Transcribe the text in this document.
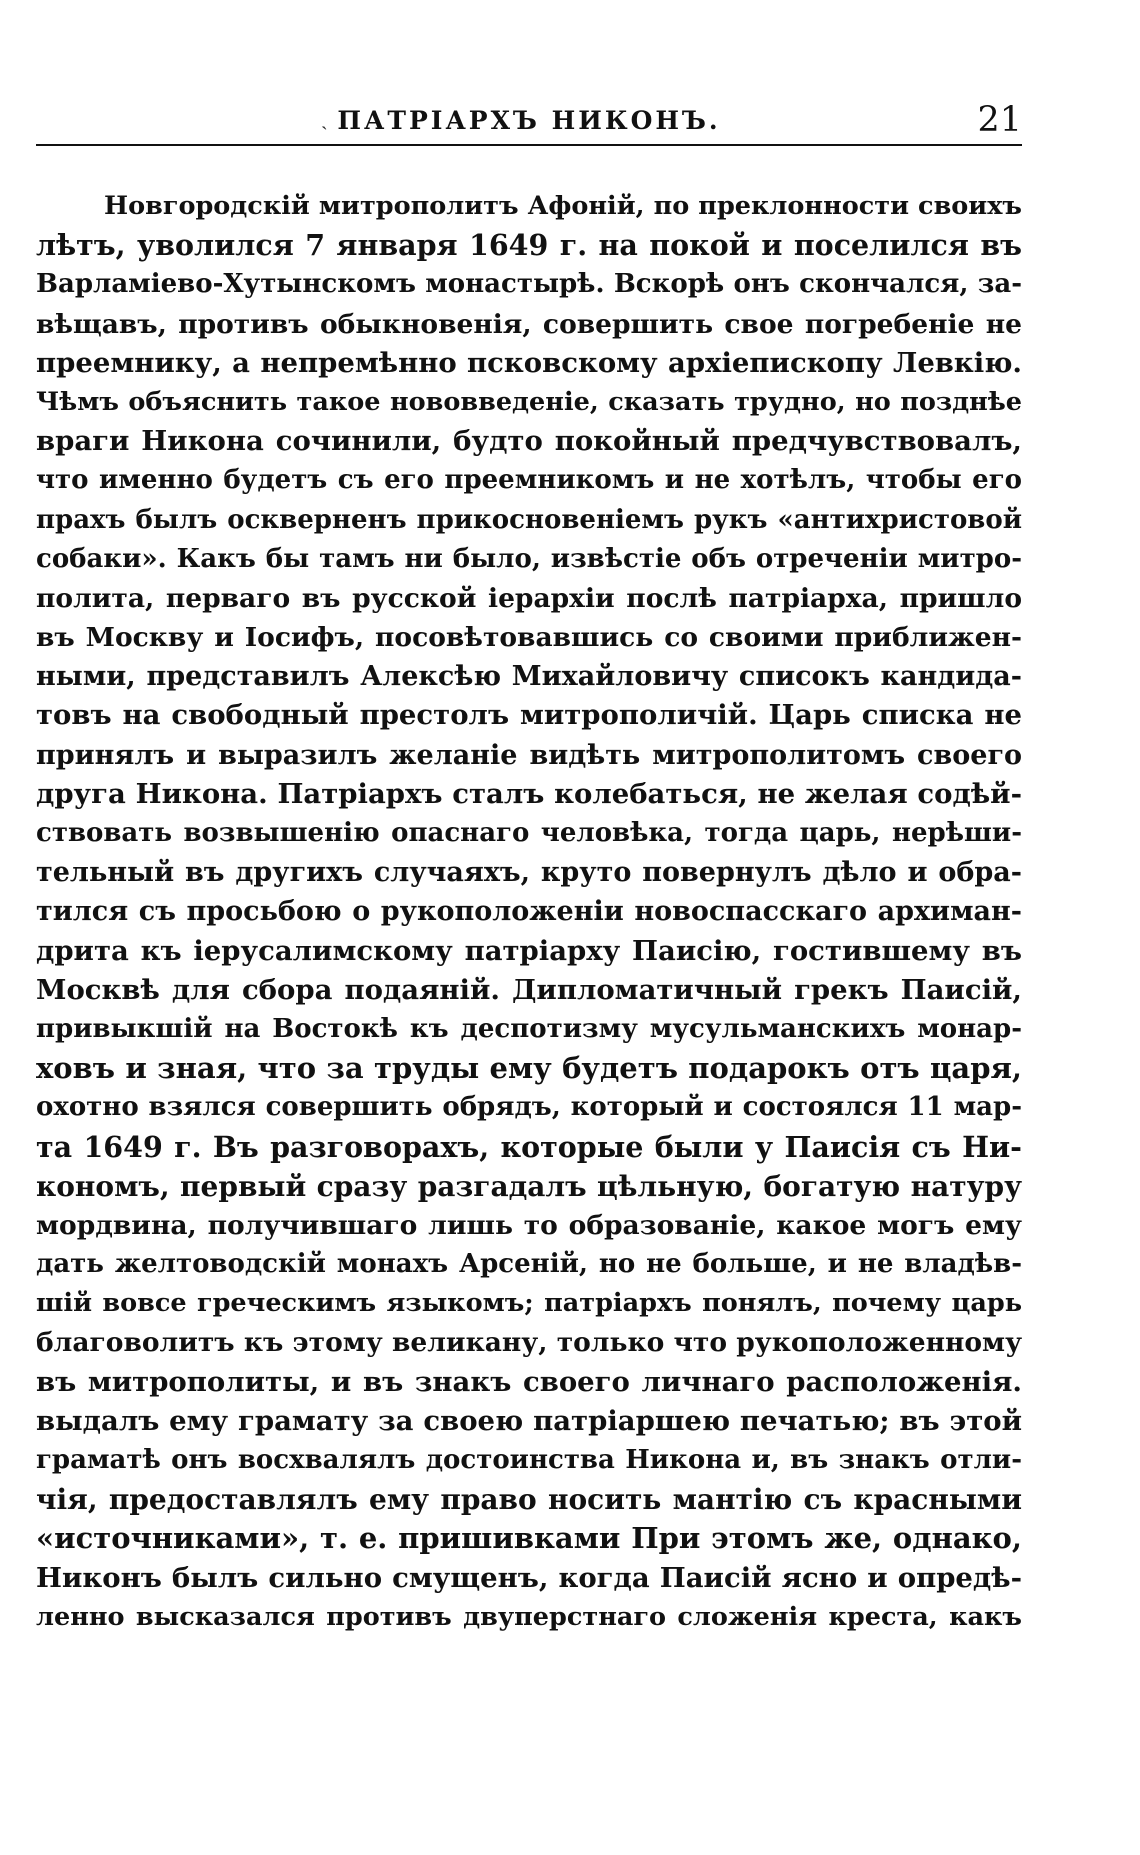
ˎ ПАТРІАРХЪ НИКОНЪ.	21
Новгородскій митрополитъ Афоній, по преклонности своихъ
лѣтъ, уволился 7 января 1649 г. на покой и поселился въ
Варламіево-Хутынскомъ монастырѣ. Вскорѣ онъ скончался, за-
вѣщавъ, противъ обыкновенія, совершить свое погребеніе не
преемнику, а непремѣнно псковскому архіепископу Левкію.
Чѣмъ объяснить такое нововведеніе, сказать трудно, но позднѣе
враги Никона сочинили, будто покойный предчувствовалъ,
что именно будетъ съ его преемникомъ и не хотѣлъ, чтобы его
прахъ былъ оскверненъ прикосновеніемъ рукъ «антихристовой
собаки». Какъ бы тамъ ни было, извѣстіе объ отреченіи митро-
полита, перваго въ русской іерархіи послѣ патріарха, пришло
въ Москву и Іосифъ, посовѣтовавшись со своими приближен-
ными, представилъ Алексѣю Михайловичу списокъ кандида-
товъ на свободный престолъ митрополичій. Царь списка не
принялъ и выразилъ желаніе видѣть митрополитомъ своего
друга Никона. Патріархъ сталъ колебаться, не желая содѣй-
ствовать возвышенію опаснаго человѣка, тогда царь, нерѣши-
тельный въ другихъ случаяхъ, круто повернулъ дѣло и обра-
тился съ просьбою о рукоположеніи новоспасскаго архиман-
дрита къ іерусалимскому патріарху Паисію, гостившему въ
Москвѣ для сбора подаяній. Дипломатичный грекъ Паисій,
привыкшій на Востокѣ къ деспотизму мусульманскихъ монар-
ховъ и зная, что за труды ему будетъ подарокъ отъ царя,
охотно взялся совершить обрядъ, который и состоялся 11 мар-
та 1649 г. Въ разговорахъ, которые были у Паисія съ Ни-
кономъ, первый сразу разгадалъ цѣльную, богатую натуру
мордвина, получившаго лишь то образованіе, какое могъ ему
дать желтоводскій монахъ Арсеній, но не больше, и не владѣв-
шій вовсе греческимъ языкомъ; патріархъ понялъ, почему царь
благоволитъ къ этому великану, только что рукоположенному
въ митрополиты, и въ знакъ своего личнаго расположенія.
выдалъ ему грамату за своею патріаршею печатью; въ этой
граматѣ онъ восхвалялъ достоинства Никона и, въ знакъ отли-
чія, предоставлялъ ему право носить мантію съ красными
«источниками», т. е. пришивками При этомъ же, однако,
Никонъ былъ сильно смущенъ, когда Паисій ясно и опредѣ-
ленно высказался противъ двуперстнаго сложенія креста, какъ
